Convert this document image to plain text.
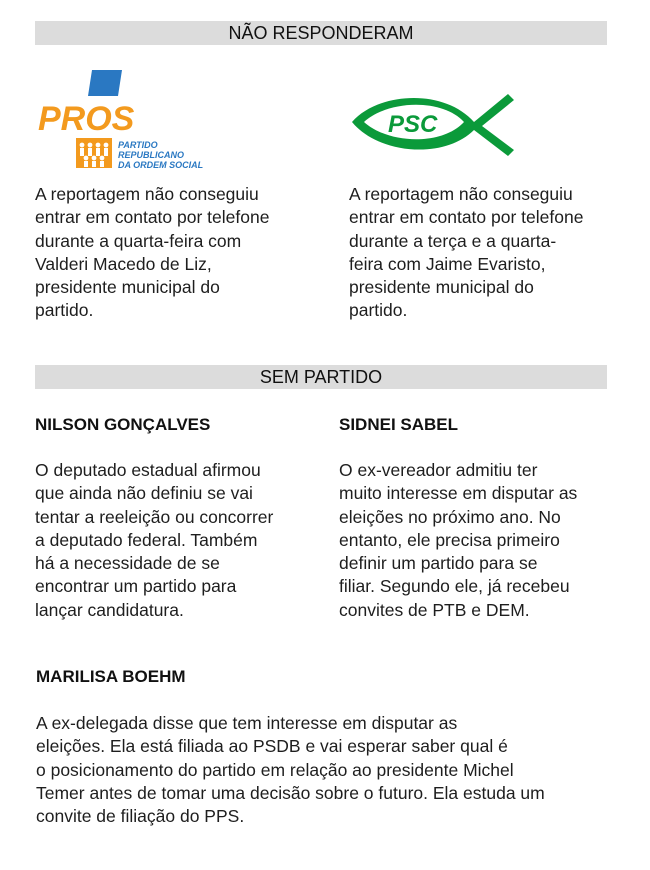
NÃO RESPONDERAM
PROS
PARTIDO
REPUBLICANO
DA ORDEM SOCIAL
PSC
A reportagem não conseguiu
entrar em contato por telefone
durante a quarta-feira com
Valderi Macedo de Liz,
presidente municipal do
partido.
A reportagem não conseguiu
entrar em contato por telefone
durante a terça e a quarta-
feira com Jaime Evaristo,
presidente municipal do
partido.
SEM PARTIDO
NILSON GONÇALVES
O deputado estadual afirmou
que ainda não definiu se vai
tentar a reeleição ou concorrer
a deputado federal. Também
há a necessidade de se
encontrar um partido para
lançar candidatura.
SIDNEI SABEL
O ex-vereador admitiu ter
muito interesse em disputar as
eleições no próximo ano. No
entanto, ele precisa primeiro
definir um partido para se
filiar. Segundo ele, já recebeu
convites de PTB e DEM.
MARILISA BOEHM
A ex-delegada disse que tem interesse em disputar as
eleições. Ela está filiada ao PSDB e vai esperar saber qual é
o posicionamento do partido em relação ao presidente Michel
Temer antes de tomar uma decisão sobre o futuro. Ela estuda um
convite de filiação do PPS.
